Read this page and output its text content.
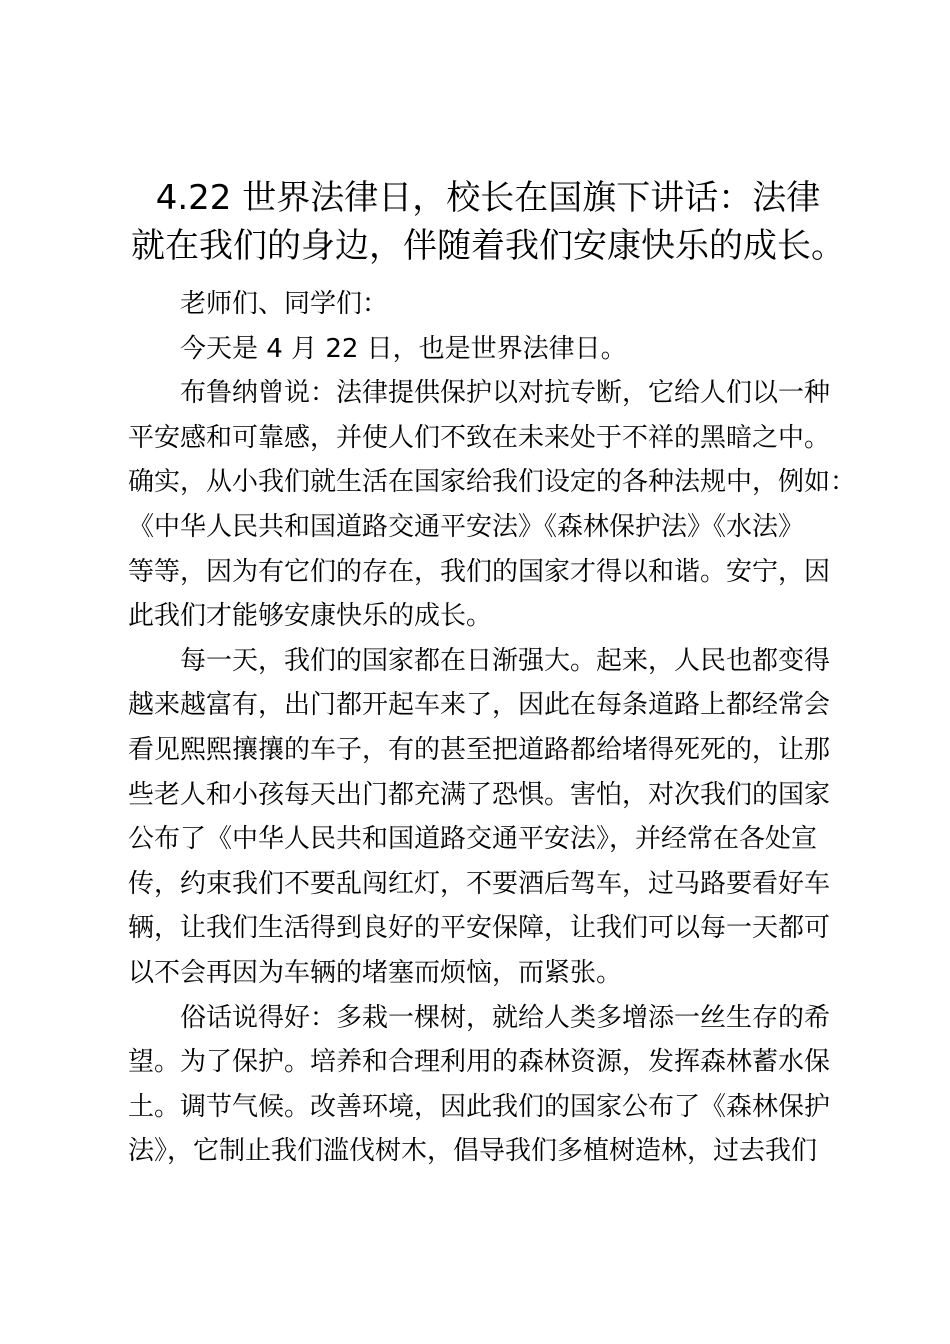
4.22 世界法律日，校长在国旗下讲话：法律
就在我们的身边，伴随着我们安康快乐的成长。
老师们、同学们：
今天是 4 月 22 日，也是世界法律日。
布鲁纳曾说：法律提供保护以对抗专断，它给人们以一种
平安感和可靠感，并使人们不致在未来处于不祥的黑暗之中。
确实，从小我们就生活在国家给我们设定的各种法规中，例如：
《中华人民共和国道路交通平安法》《森林保护法》《水法》
等等，因为有它们的存在，我们的国家才得以和谐。安宁，因
此我们才能够安康快乐的成长。
每一天，我们的国家都在日渐强大。起来，人民也都变得
越来越富有，出门都开起车来了，因此在每条道路上都经常会
看见熙熙攘攘的车子，有的甚至把道路都给堵得死死的，让那
些老人和小孩每天出门都充满了恐惧。害怕，对次我们的国家
公布了《中华人民共和国道路交通平安法》，并经常在各处宣
传，约束我们不要乱闯红灯，不要酒后驾车，过马路要看好车
辆，让我们生活得到良好的平安保障，让我们可以每一天都可
以不会再因为车辆的堵塞而烦恼，而紧张。
俗话说得好：多栽一棵树，就给人类多增添一丝生存的希
望。为了保护。培养和合理利用的森林资源，发挥森林蓄水保
土。调节气候。改善环境，因此我们的国家公布了《森林保护
法》，它制止我们滥伐树木，倡导我们多植树造林，过去我们
